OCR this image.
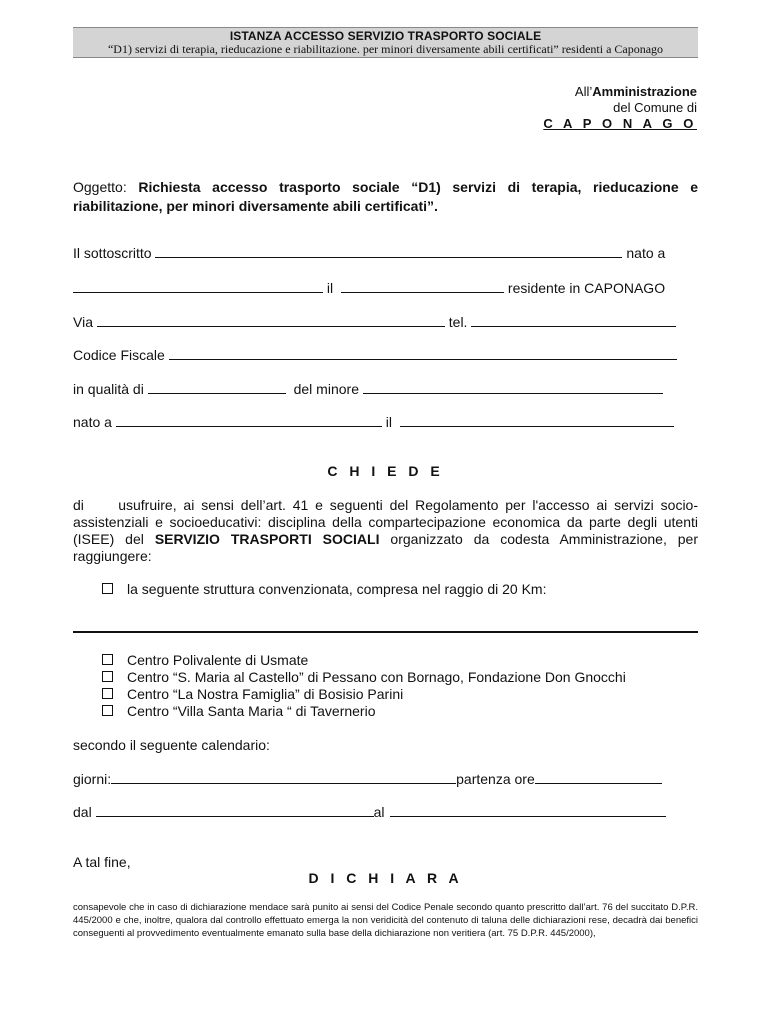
ISTANZA ACCESSO SERVIZIO TRASPORTO SOCIALE
“D1) servizi di terapia, rieducazione e riabilitazione. per minori diversamente abili certificati” residenti a Caponago
All’Amministrazione
del Comune di
C A P O N A G O
Oggetto: Richiesta accesso trasporto sociale “D1) servizi di terapia, rieducazione e riabilitazione, per minori diversamente abili certificati”.
Il sottoscritto	nato a
il	residente in CAPONAGO
Via	tel.
Codice Fiscale
in qualità di	del minore
nato a	il
C H I E D E
di usufruire, ai sensi dell’art. 41 e seguenti del Regolamento per l'accesso ai servizi socio-assistenziali e socioeducativi: disciplina della compartecipazione economica da parte degli utenti (ISEE) del SERVIZIO TRASPORTI SOCIALI organizzato da codesta Amministrazione, per raggiungere:
la seguente struttura convenzionata, compresa nel raggio di 20 Km:
Centro Polivalente di Usmate
Centro “S. Maria al Castello” di Pessano con Bornago, Fondazione Don Gnocchi
Centro “La Nostra Famiglia” di Bosisio Parini
Centro “Villa Santa Maria “ di Tavernerio
secondo il seguente calendario:
giorni:	partenza ore
dal	al
A tal fine,
D I C H I A R A
consapevole che in caso di dichiarazione mendace sarà punito ai sensi del Codice Penale secondo quanto prescritto dall’art. 76 del succitato D.P.R. 445/2000 e che, inoltre, qualora dal controllo effettuato emerga la non veridicità del contenuto di taluna delle dichiarazioni rese, decadrà dai benefici conseguenti al provvedimento eventualmente emanato sulla base della dichiarazione non veritiera (art. 75 D.P.R. 445/2000),
